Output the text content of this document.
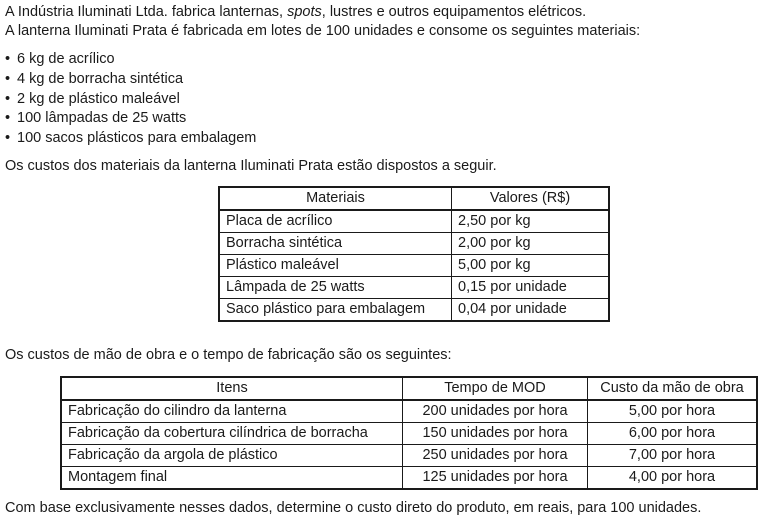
A Indústria Iluminati Ltda. fabrica lanternas, spots, lustres e outros equipamentos elétricos.
A lanterna Iluminati Prata é fabricada em lotes de 100 unidades e consome os seguintes materiais:
• 6 kg de acrílico
• 4 kg de borracha sintética
• 2 kg de plástico maleável
• 100 lâmpadas de 25 watts
• 100 sacos plásticos para embalagem
Os custos dos materiais da lanterna Iluminati Prata estão dispostos a seguir.
Materiais	Valores (R$)
Placa de acrílico	2,50 por kg
Borracha sintética	2,00 por kg
Plástico maleável	5,00 por kg
Lâmpada de 25 watts	0,15 por unidade
Saco plástico para embalagem	0,04 por unidade
Os custos de mão de obra e o tempo de fabricação são os seguintes:
Itens	Tempo de MOD	Custo da mão de obra
Fabricação do cilindro da lanterna	200 unidades por hora	5,00 por hora
Fabricação da cobertura cilíndrica de borracha	150 unidades por hora	6,00 por hora
Fabricação da argola de plástico	250 unidades por hora	7,00 por hora
Montagem final	125 unidades por hora	4,00 por hora
Com base exclusivamente nesses dados, determine o custo direto do produto, em reais, para 100 unidades.
